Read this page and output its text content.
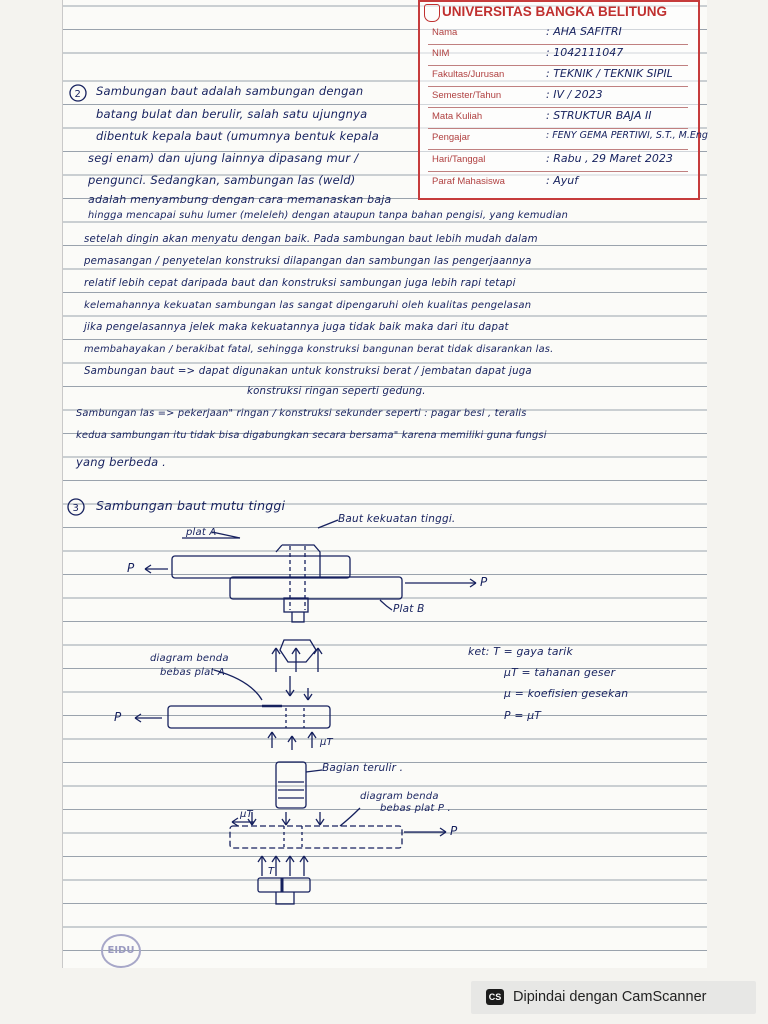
UNIVERSITAS BANGKA BELITUNG
Nama	: AHA SAFITRI
NIM	: 1042111047
Fakultas/Jurusan	: TEKNIK / TEKNIK SIPIL
Semester/Tahun	: IV / 2023
Mata Kuliah	: STRUKTUR BAJA II
Pengajar	: FENY GEMA PERTIWI, S.T., M.Eng
Hari/Tanggal	: Rabu , 29 Maret 2023
Paraf Mahasiswa	: Ayuf
2
3
Sambungan baut adalah sambungan dengan
batang bulat dan berulir, salah satu ujungnya
dibentuk kepala baut (umumnya bentuk kepala
segi enam) dan ujung lainnya dipasang mur /
pengunci. Sedangkan, sambungan las (weld)
adalah menyambung dengan cara memanaskan baja
hingga mencapai suhu lumer (meleleh) dengan ataupun tanpa bahan pengisi, yang kemudian
setelah dingin akan menyatu dengan baik. Pada sambungan baut lebih mudah dalam
pemasangan / penyetelan konstruksi dilapangan dan sambungan las pengerjaannya
relatif lebih cepat daripada baut dan konstruksi sambungan juga lebih rapi tetapi
kelemahannya kekuatan sambungan las sangat dipengaruhi oleh kualitas pengelasan
jika pengelasannya jelek maka kekuatannya juga tidak baik maka dari itu dapat
membahayakan / berakibat fatal, sehingga konstruksi bangunan berat tidak disarankan las.
Sambungan baut => dapat digunakan untuk konstruksi berat / jembatan dapat juga
konstruksi ringan seperti gedung.
Sambungan las => pekerjaan" ringan / konstruksi sekunder seperti : pagar besi , teralis
kedua sambungan itu tidak bisa digabungkan secara bersama" karena memiliki guna fungsi
yang berbeda .
Sambungan baut mutu tinggi
plat A
Baut kekuatan tinggi.
P
P
Plat B
diagram benda
bebas plat A
P
μT
Bagian terulir .
diagram benda
bebas plat P .
μT
P
T
ket: T = gaya tarik
μT = tahanan geser
μ = koefisien gesekan
P = μT
EIDU
CS Dipindai dengan CamScanner
